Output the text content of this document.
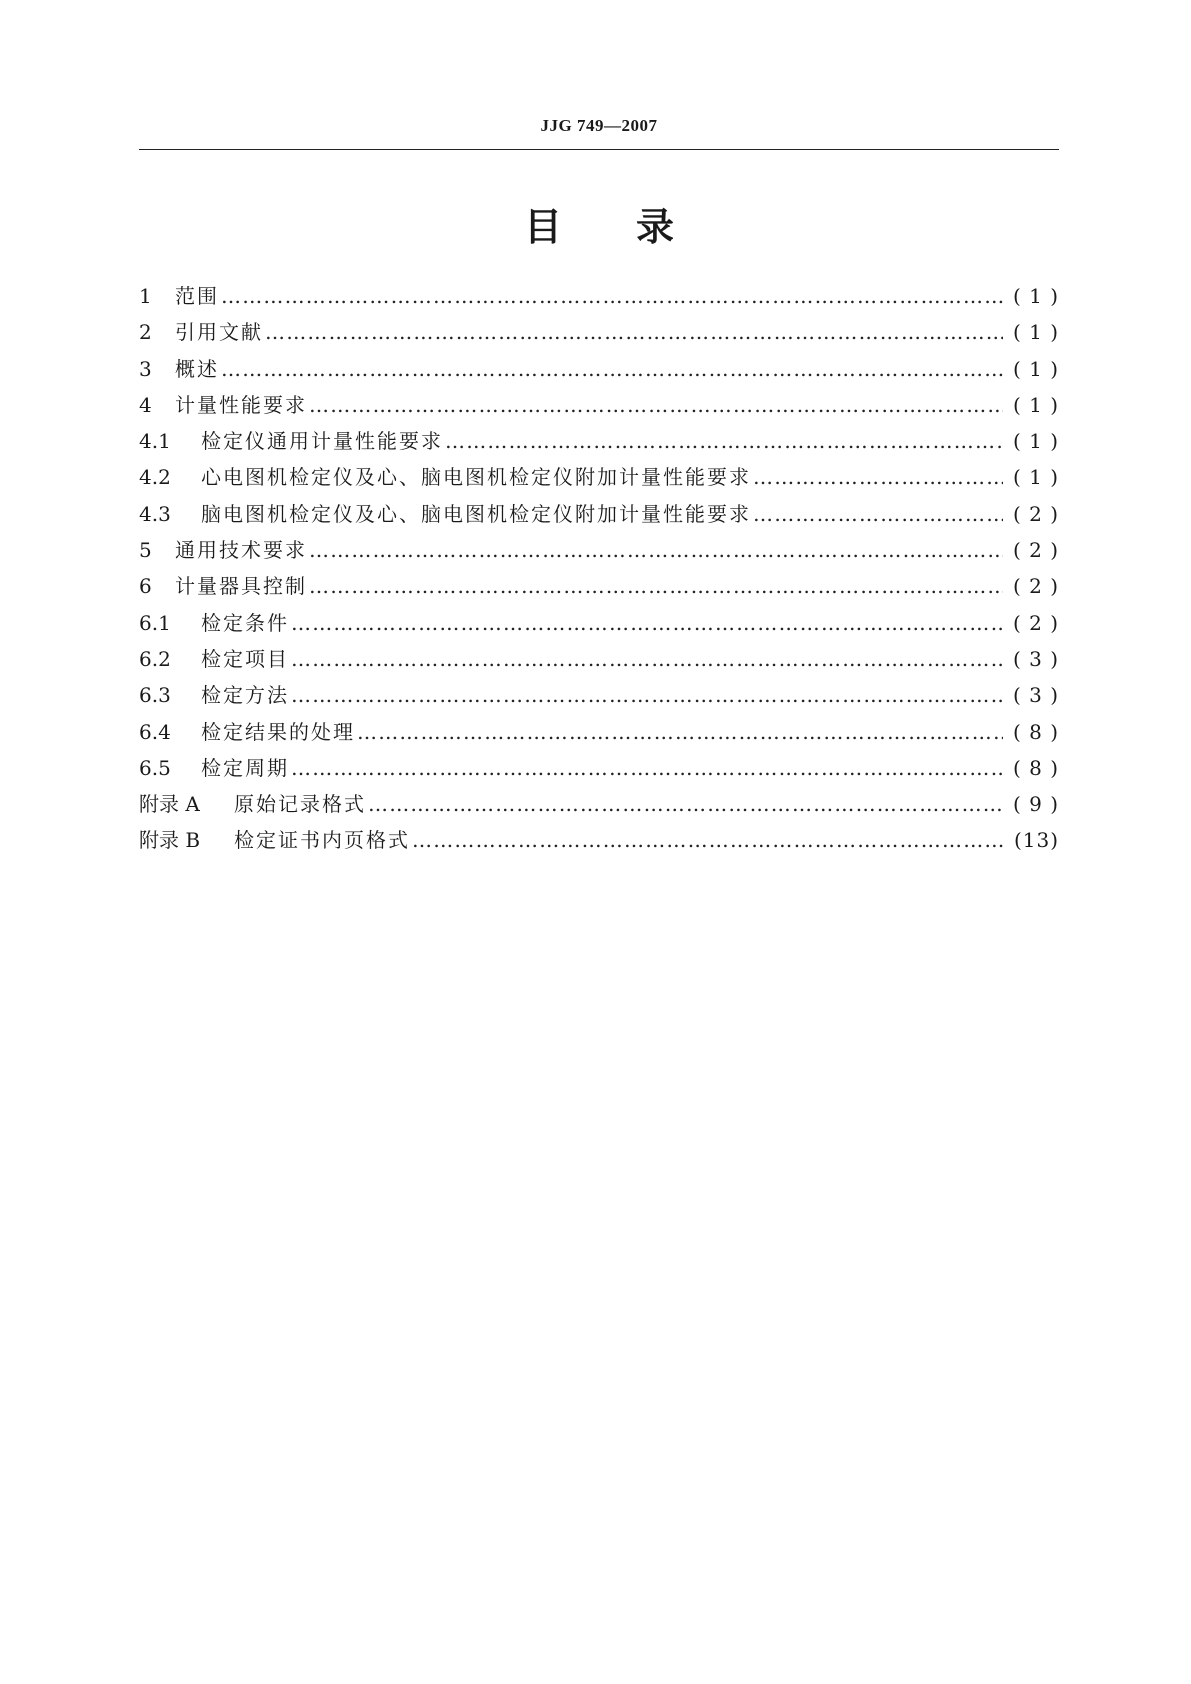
JJG 749—2007
目录
1	范围 ………………………………………………………………………………………………………………………………………………………………………………	( 1 )
2	引用文献 ………………………………………………………………………………………………………………………………………………………………………………	( 1 )
3	概述 ………………………………………………………………………………………………………………………………………………………………………………	( 1 )
4	计量性能要求 ………………………………………………………………………………………………………………………………………………………………………………	( 1 )
4.1	检定仪通用计量性能要求 ………………………………………………………………………………………………………………………………………………………………………………	( 1 )
4.2	心电图机检定仪及心、脑电图机检定仪附加计量性能要求 ………………………………………………………………………………………………………………………………………………………………………………	( 1 )
4.3	脑电图机检定仪及心、脑电图机检定仪附加计量性能要求 ………………………………………………………………………………………………………………………………………………………………………………	( 2 )
5	通用技术要求 ………………………………………………………………………………………………………………………………………………………………………………	( 2 )
6	计量器具控制 ………………………………………………………………………………………………………………………………………………………………………………	( 2 )
6.1	检定条件 ………………………………………………………………………………………………………………………………………………………………………………	( 2 )
6.2	检定项目 ………………………………………………………………………………………………………………………………………………………………………………	( 3 )
6.3	检定方法 ………………………………………………………………………………………………………………………………………………………………………………	( 3 )
6.4	检定结果的处理 ………………………………………………………………………………………………………………………………………………………………………………	( 8 )
6.5	检定周期 ………………………………………………………………………………………………………………………………………………………………………………	( 8 )
附录 A	原始记录格式 ………………………………………………………………………………………………………………………………………………………………………………	( 9 )
附录 B	检定证书内页格式 ………………………………………………………………………………………………………………………………………………………………………………	(13)
